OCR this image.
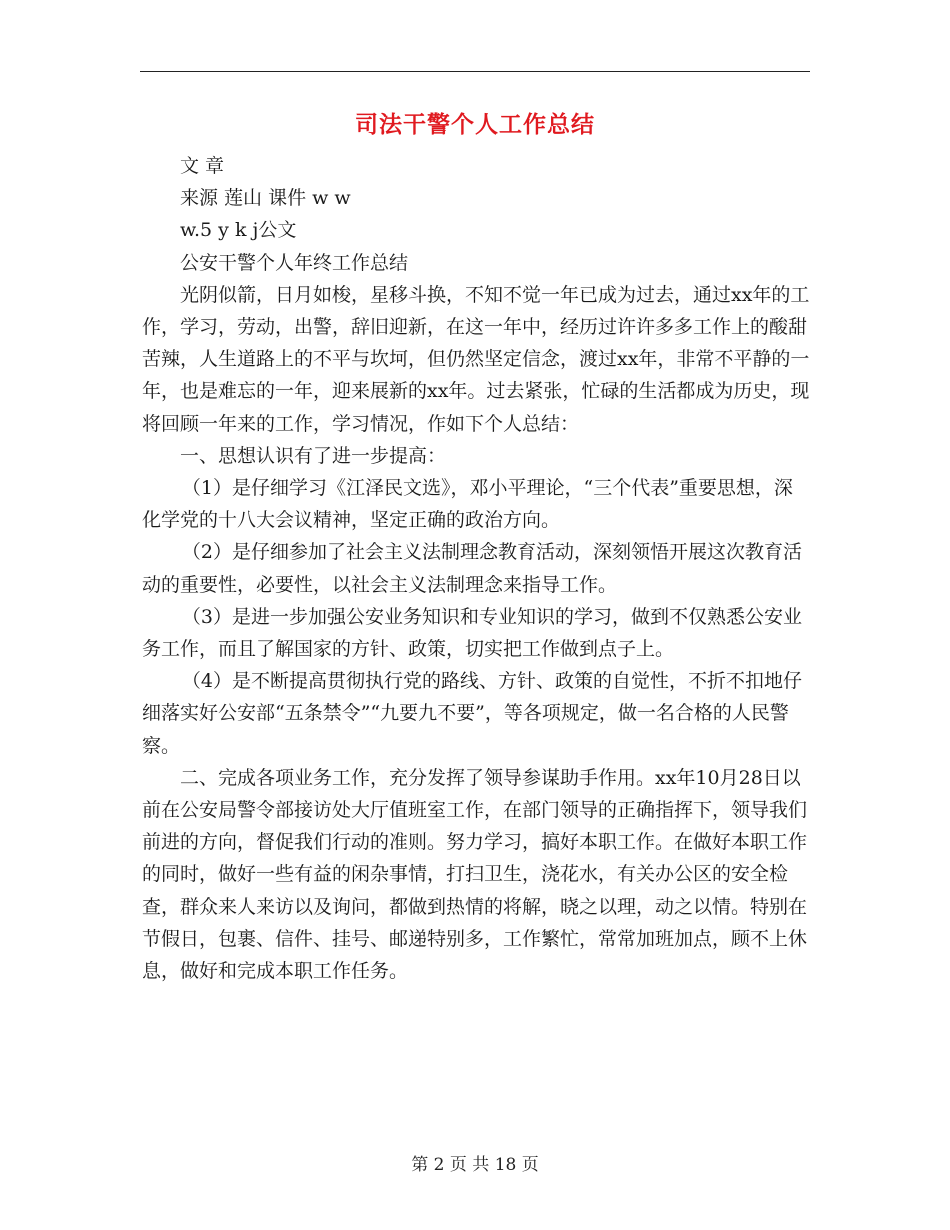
司法干警个人工作总结

文 章

来源 莲山 课件 w w

w.5 y k j公文

公安干警个人年终工作总结

光阴似箭，日月如梭，星移斗换，不知不觉一年已成为过去，通过xx年的工作，学习，劳动，出警，辞旧迎新，在这一年中，经历过许许多多工作上的酸甜苦辣，人生道路上的不平与坎坷，但仍然坚定信念，渡过xx年，非常不平静的一年，也是难忘的一年，迎来展新的xx年。过去紧张，忙碌的生活都成为历史，现将回顾一年来的工作，学习情况，作如下个人总结：

一、思想认识有了进一步提高：

（1）是仔细学习《江泽民文选》，邓小平理论，“三个代表”重要思想，深化学党的十八大会议精神，坚定正确的政治方向。

（2）是仔细参加了社会主义法制理念教育活动，深刻领悟开展这次教育活动的重要性，必要性，以社会主义法制理念来指导工作。

（3）是进一步加强公安业务知识和专业知识的学习，做到不仅熟悉公安业务工作，而且了解国家的方针、政策，切实把工作做到点子上。

（4）是不断提高贯彻执行党的路线、方针、政策的自觉性，不折不扣地仔细落实好公安部“五条禁令”“九要九不要”，等各项规定，做一名合格的人民警察。

二、完成各项业务工作，充分发挥了领导参谋助手作用。xx年10月28日以前在公安局警令部接访处大厅值班室工作，在部门领导的正确指挥下，领导我们前进的方向，督促我们行动的准则。努力学习，搞好本职工作。在做好本职工作的同时，做好一些有益的闲杂事情，打扫卫生，浇花水，有关办公区的安全检查，群众来人来访以及询问，都做到热情的将解，晓之以理，动之以情。特别在节假日，包裹、信件、挂号、邮递特别多，工作繁忙，常常加班加点，顾不上休息，做好和完成本职工作任务。

第 2 页 共 18 页
